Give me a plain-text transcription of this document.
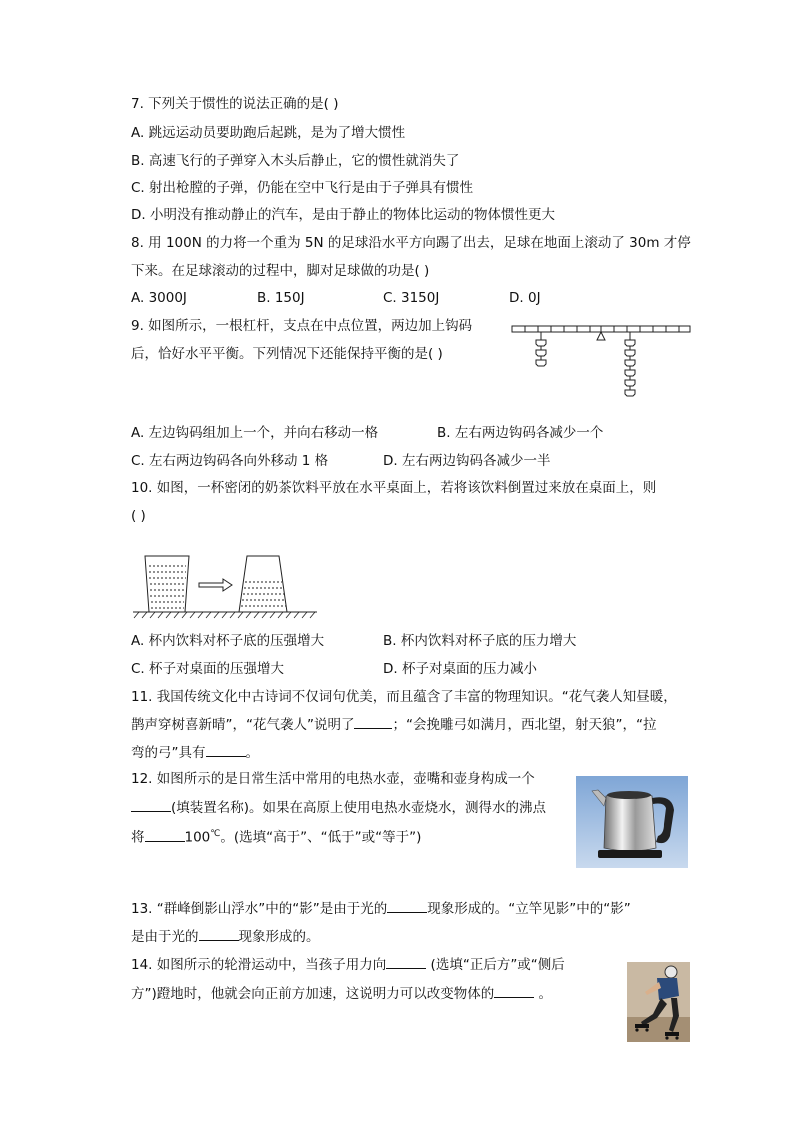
7. 下列关于惯性的说法正确的是( )
A. 跳远运动员要助跑后起跳，是为了增大惯性
B. 高速飞行的子弹穿入木头后静止，它的惯性就消失了
C. 射出枪膛的子弹，仍能在空中飞行是由于子弹具有惯性
D. 小明没有推动静止的汽车，是由于静止的物体比运动的物体惯性更大
8. 用 100N 的力将一个重为 5N 的足球沿水平方向踢了出去，足球在地面上滚动了 30m 才停
下来。在足球滚动的过程中，脚对足球做的功是( )
A. 3000J	B. 150J	C. 3150J	D. 0J
9. 如图所示，一根杠杆，支点在中点位置，两边加上钩码
后，恰好水平平衡。下列情况下还能保持平衡的是( )
A. 左边钩码组加上一个，并向右移动一格	B. 左右两边钩码各减少一个
C. 左右两边钩码各向外移动 1 格	D. 左右两边钩码各减少一半
10. 如图，一杯密闭的奶茶饮料平放在水平桌面上，若将该饮料倒置过来放在桌面上，则
( )
A. 杯内饮料对杯子底的压强增大	B. 杯内饮料对杯子底的压力增大
C. 杯子对桌面的压强增大	D. 杯子对桌面的压力减小
11. 我国传统文化中古诗词不仅词句优美，而且蕴含了丰富的物理知识。“花气袭人知昼暖，
鹊声穿树喜新晴”，“花气袭人”说明了	；“会挽雕弓如满月，西北望，射天狼”，“拉
弯的弓”具有	。
12. 如图所示的是日常生活中常用的电热水壶，壶嘴和壶身构成一个
(填装置名称)。如果在高原上使用电热水壶烧水，测得水的沸点
将	100℃。(选填“高于”、“低于”或“等于”)
13. “群峰倒影山浮水”中的“影”是由于光的	现象形成的。“立竿见影”中的“影”
是由于光的	现象形成的。
14. 如图所示的轮滑运动中，当孩子用力向	(选填“正后方”或“侧后
方”)蹬地时，他就会向正前方加速，这说明力可以改变物体的	。
